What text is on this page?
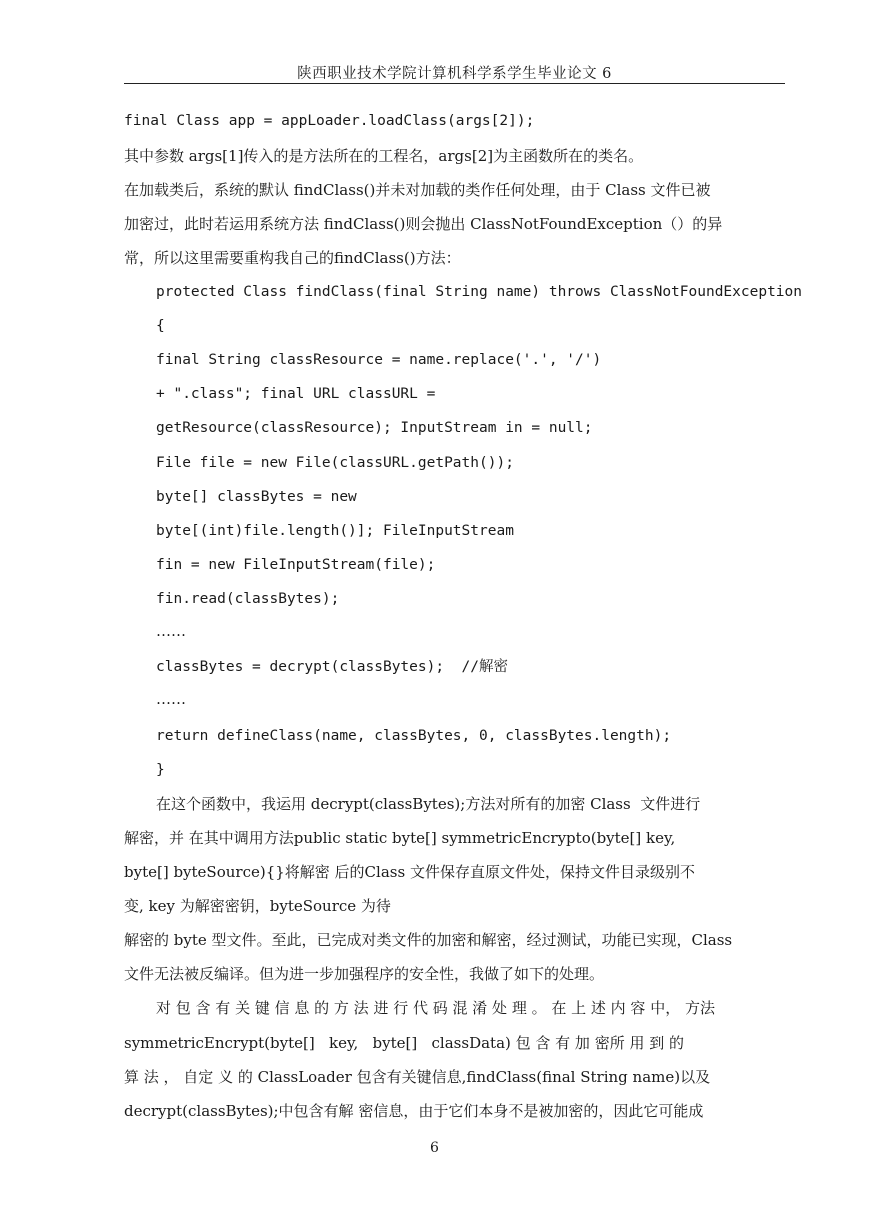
陕西职业技术学院计算机科学系学生毕业论文 6
final Class app = appLoader.loadClass(args[2]);
其中参数 args[1]传入的是方法所在的工程名，args[2]为主函数所在的类名。
在加载类后，系统的默认 findClass()并未对加载的类作任何处理，由于 Class 文件已被
加密过，此时若运用系统方法 findClass()则会抛出 ClassNotFoundException（）的异
常，所以这里需要重构我自己的findClass()方法：
protected Class findClass(final String name) throws ClassNotFoundException
{
final String classResource = name.replace('.', '/')
+ ".class"; final URL classURL =
getResource(classResource); InputStream in = null;
File file = new File(classURL.getPath());
byte[] classBytes = new
byte[(int)file.length()]; FileInputStream
fin = new FileInputStream(file);
fin.read(classBytes);
……
classBytes = decrypt(classBytes);  //解密
……
return defineClass(name, classBytes, 0, classBytes.length);
}
在这个函数中，我运用 decrypt(classBytes);方法对所有的加密 Class  文件进行
解密，并 在其中调用方法public static byte[] symmetricEncrypto(byte[] key,
byte[] byteSource){}将解密 后的Class 文件保存直原文件处，保持文件目录级别不
变, key 为解密密钥，byteSource 为待
解密的 byte 型文件。至此，已完成对类文件的加密和解密，经过测试，功能已实现，Class
文件无法被反编译。但为进一步加强程序的安全性，我做了如下的处理。
对 包 含 有 关 键 信 息 的 方 法 进 行 代 码 混 淆 处 理 。 在 上 述 内 容 中， 方法
symmetricEncrypt(byte[]   key,   byte[]   classData) 包 含 有 加 密所 用 到 的
算 法 ， 自定 义 的 ClassLoader 包含有关键信息,findClass(final String name)以及
decrypt(classBytes);中包含有解 密信息，由于它们本身不是被加密的，因此它可能成
6
